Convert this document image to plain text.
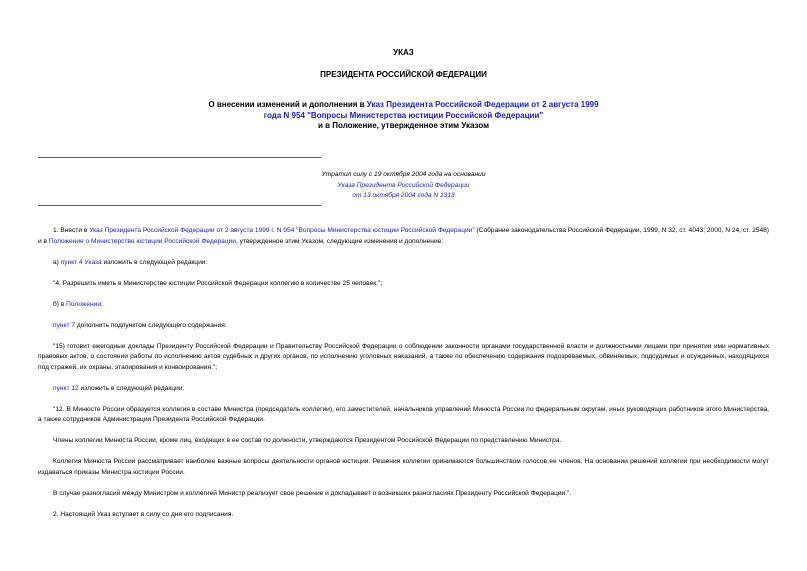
УКАЗ
ПРЕЗИДЕНТА РОССИЙСКОЙ ФЕДЕРАЦИИ
О внесении изменений и дополнения в Указ Президента Российской Федерации от 2 августа 1999 года N 954 "Вопросы Министерства юстиции Российской Федерации"
и в Положение, утвержденное этим Указом
Утратил силу с 19 октября 2004 года на основании
Указа Президента Российской Федерации
от 13 октября 2004 года N 1313

1. Внести в Указ Президента Российской Федерации от 2 августа 1999 г. N 954 "Вопросы Министерства юстиции Российской Федерации" (Собрание законодательства Российской Федерации, 1999, N 32, ст. 4043; 2000, N 24, ст. 2548) и в Положение о Министерстве юстиции Российской Федерации, утвержденное этим Указом, следующие изменения и дополнение:

а) пункт 4 Указа изложить в следующей редакции:

"4. Разрешить иметь в Министерстве юстиции Российской Федерации коллегию в количестве 25 человек.";

б) в Положении:

пункт 7 дополнить подпунктом следующего содержания:

"15) готовит ежегодные доклады Президенту Российской Федерации и Правительству Российской Федерации о соблюдении законности органами государственной власти и должностными лицами при принятии ими нормативных правовых актов, о состоянии работы по исполнению актов судебных и других органов, по исполнению уголовных наказаний, а также по обеспечению содержания подозреваемых, обвиняемых, подсудимых и осужденных, находящихся под стражей, их охраны, этапирования и конвоирования.";

пункт 12 изложить в следующей редакции:

"12. В Минюсте России образуется коллегия в составе Министра (председатель коллегии), его заместителей, начальников управлений Минюста России по федеральным округам, иных руководящих работников этого Министерства, а также сотрудников Администрации Президента Российской Федерации.

Члены коллегии Минюста России, кроме лиц, входящих в ее состав по должности, утверждаются Президентом Российской Федерации по представлению Министра.

Коллегия Минюста России рассматривает наиболее важные вопросы деятельности органов юстиции. Решения коллегии принимаются большинством голосов ее членов. На основании решений коллегии при необходимости могут издаваться приказы Министра юстиции России.

В случае разногласий между Министром и коллегией Министр реализует свое решение и докладывает о возникших разногласиях Президенту Российской Федерации.".

2. Настоящий Указ вступает в силу со дня его подписания.
